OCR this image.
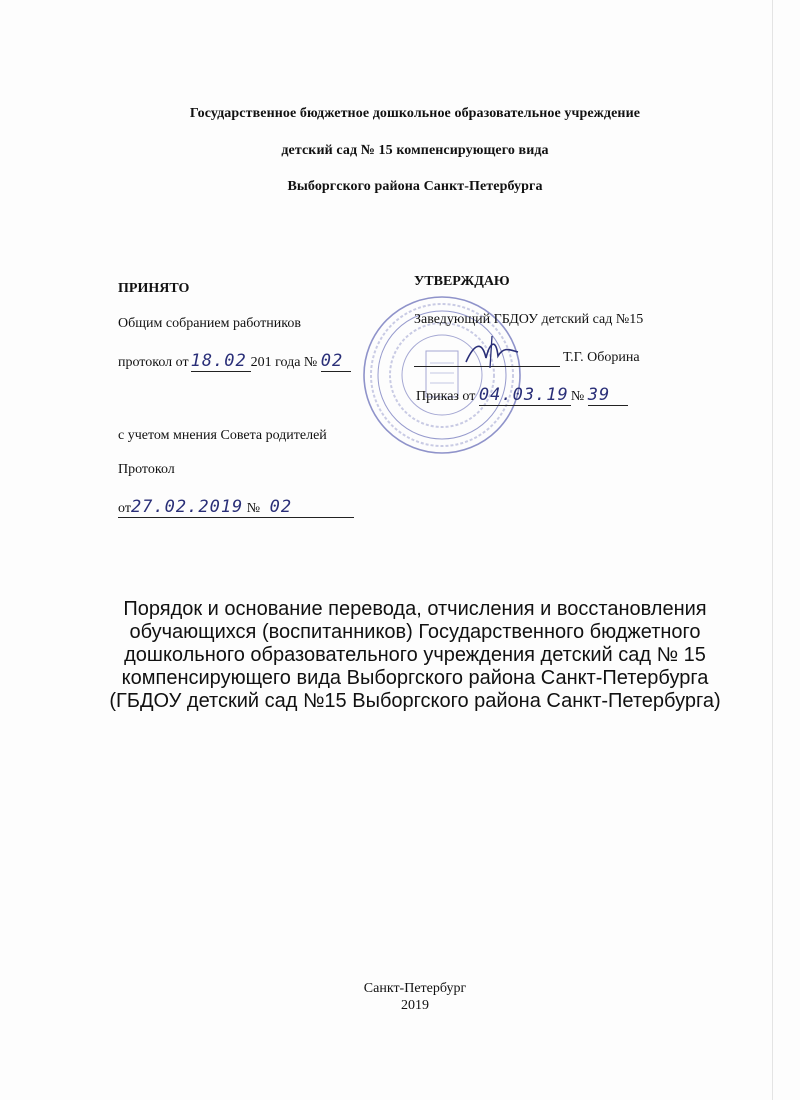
Государственное бюджетное дошкольное образовательное учреждение
детский сад № 15 компенсирующего вида
Выборгского района Санкт-Петербурга
ПРИНЯТО
Общим собранием работников
протокол от 18.02 201 года № 02
с учетом мнения Совета родителей
Протокол
от27.02.2019 № 02
УТВЕРЖДАЮ
Заведующий ГБДОУ детский сад №15
Т.Г. Оборина
Приказ от 04.03.19 № 39
Порядок и основание перевода, отчисления и восстановления
обучающихся (воспитанников) Государственного бюджетного
дошкольного образовательного учреждения детский сад № 15
компенсирующего вида Выборгского района Санкт-Петербурга
(ГБДОУ детский сад №15 Выборгского района Санкт-Петербурга)
Санкт-Петербург
2019
